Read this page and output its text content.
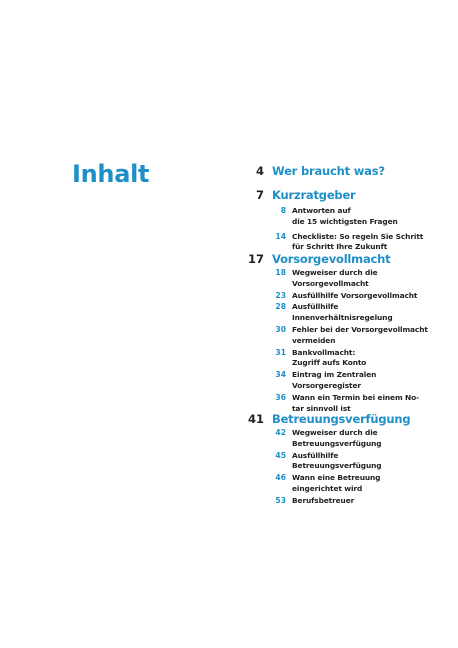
Inhalt	4 Wer braucht was?
7 Kurzratgeber
8 Antworten auf
die 15 wichtigsten Fragen
14 Checkliste: So regeln Sie Schritt
für Schritt Ihre Zukunft
17 Vorsorgevollmacht
18 Wegweiser durch die
Vorsorgevollmacht
23 Ausfüllhilfe Vorsorgevollmacht
28 Ausfüllhilfe
Innenverhältnisregelung
30 Fehler bei der Vorsorgevollmacht
vermeiden
31 Bankvollmacht:
Zugriff aufs Konto
34 Eintrag im Zentralen
Vorsorgeregister
36 Wann ein Termin bei einem No-
tar sinnvoll ist
41 Betreuungsverfügung
42 Wegweiser durch die
Betreuungsverfügung
45 Ausfüllhilfe
Betreuungsverfügung
46 Wann eine Betreuung
eingerichtet wird
53 Berufsbetreuer
